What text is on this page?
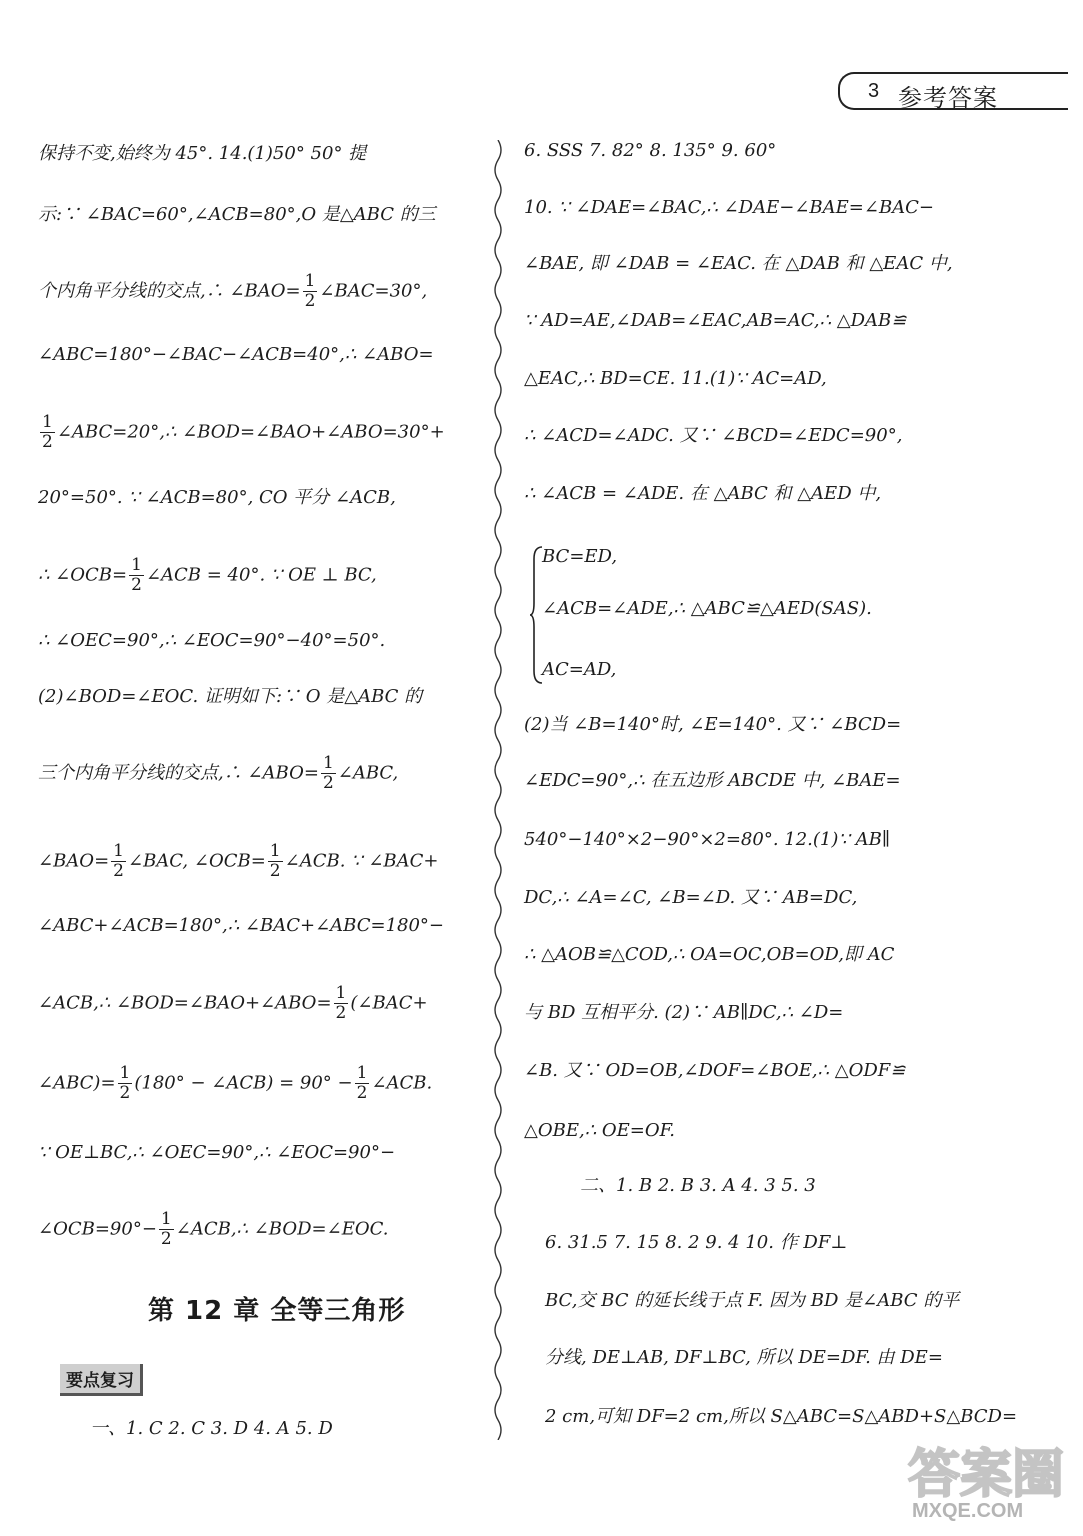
3 参考答案
保持不变,始终为 45°. 14.(1)50° 50° 提
示:∵ ∠BAC=60°,∠ACB=80°,O 是△ABC 的三
个内角平分线的交点,∴ ∠BAO= $\frac{1}{2}$ ∠BAC=30°,
∠ABC=180°−∠BAC−∠ACB=40°,∴ ∠ABO=
$\frac{1}{2}$ ∠ABC=20°,∴ ∠BOD=∠BAO+∠ABO=30°+
20°=50°. ∵ ∠ACB=80°, CO 平分 ∠ACB,
∴ ∠OCB= $\frac{1}{2}$ ∠ACB = 40°. ∵ OE ⊥ BC,
∴ ∠OEC=90°,∴ ∠EOC=90°−40°=50°.
(2)∠BOD=∠EOC. 证明如下:∵ O 是△ABC 的
三个内角平分线的交点,∴ ∠ABO= $\frac{1}{2}$ ∠ABC,
∠BAO= $\frac{1}{2}$ ∠BAC, ∠OCB= $\frac{1}{2}$ ∠ACB. ∵ ∠BAC+
∠ABC+∠ACB=180°,∴ ∠BAC+∠ABC=180°−
∠ACB,∴ ∠BOD=∠BAO+∠ABO= $\frac{1}{2}$ (∠BAC+
∠ABC)= $\frac{1}{2} (180^\circ$ − ∠ACB) = $90^\circ - \frac{1}{2}$ ∠ACB.
∵ OE⊥BC,∴ ∠OEC=90°,∴ ∠EOC=90°−
∠OCB=90°− $\frac{1}{2}$ ∠ACB,∴ ∠BOD=∠EOC.
第 12 章 全等三角形
要点复习
一、1. C 2. C 3. D 4. A 5. D
6. SSS 7. 82° 8. 135° 9. 60°
10. ∵ ∠DAE=∠BAC,∴ ∠DAE−∠BAE=∠BAC−
∠BAE, 即 ∠DAB = ∠EAC. 在 △DAB 和 △EAC 中,
∵ AD=AE,∠DAB=∠EAC,AB=AC,∴ △DAB≌
△EAC,∴ BD=CE. 11.(1)∵ AC=AD,
∴ ∠ACD=∠ADC. 又∵ ∠BCD=∠EDC=90°,
∴ ∠ACB = ∠ADE. 在 △ABC 和 △AED 中,
BC=ED,
∠ACB=∠ADE,∴ △ABC≌△AED(SAS).
AC=AD,
(2)当 ∠B=140°时, ∠E=140°. 又∵ ∠BCD=
∠EDC=90°,∴ 在五边形 ABCDE 中, ∠BAE=
540°−140°×2−90°×2=80°. 12.(1)∵ AB∥
DC,∴ ∠A=∠C, ∠B=∠D. 又∵ AB=DC,
∴ △AOB≌△COD,∴ OA=OC,OB=OD,即 AC
与 BD 互相平分. (2)∵ AB∥DC,∴ ∠D=
∠B. 又∵ OD=OB,∠DOF=∠BOE,∴ △ODF≌
△OBE,∴ OE=OF.
二、1. B 2. B 3. A 4. 3 5. 3
6. 31.5 7. 15 8. 2 9. 4 10. 作 DF⊥
BC,交 BC 的延长线于点 F. 因为 BD 是∠ABC 的平
分线, DE⊥AB, DF⊥BC, 所以 DE=DF. 由 DE=
2 cm,可知 DF=2 cm,所以 S△ABC=S△ABD+S△BCD=
答案圈
MXQE.COM
